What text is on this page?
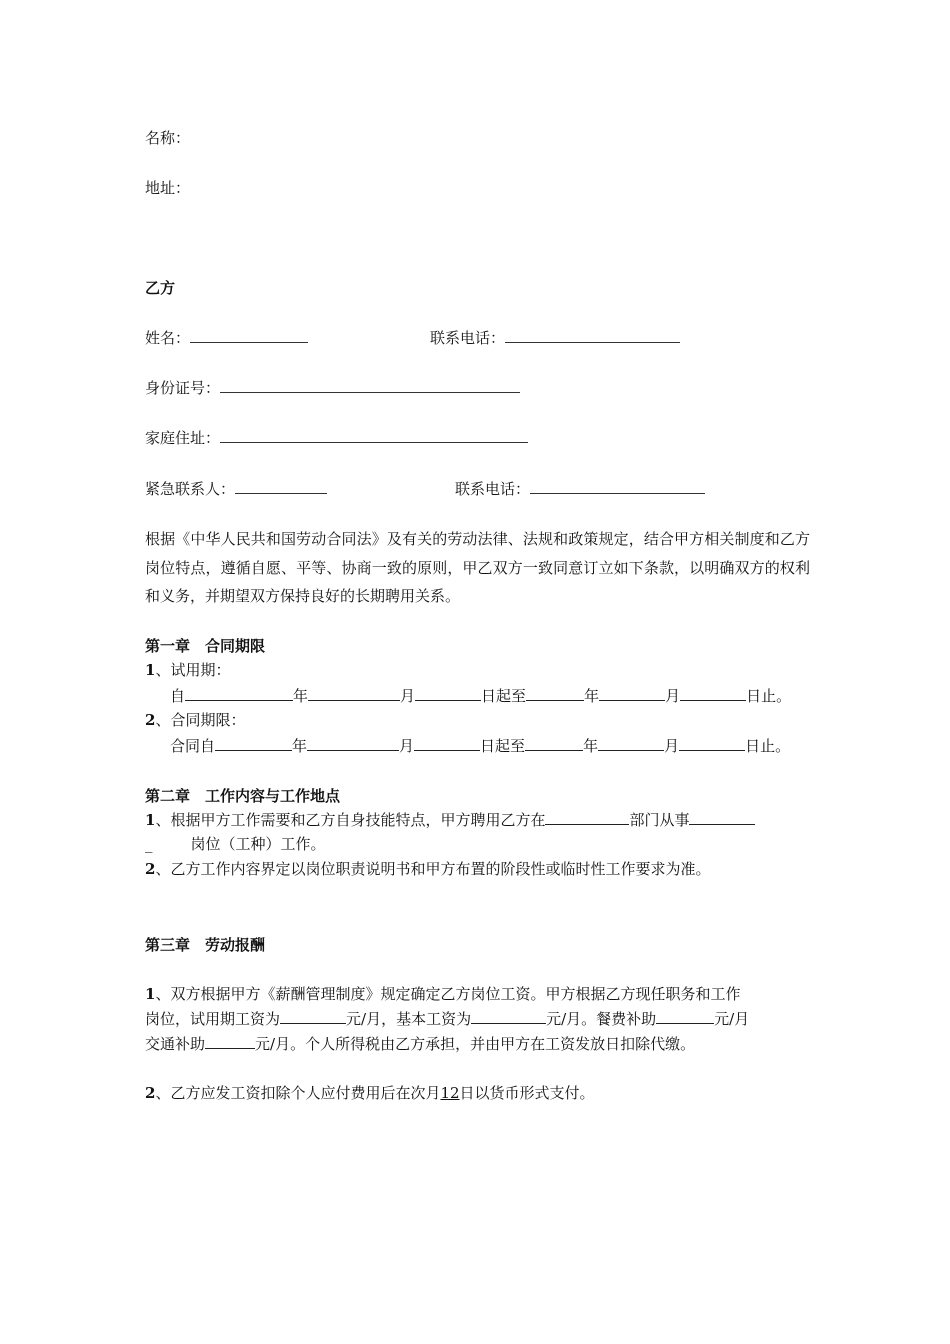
名称：
地址：
乙方
姓名：	联系电话：
身份证号：
家庭住址：
紧急联系人：	联系电话：
根据《中华人民共和国劳动合同法》及有关的劳动法律、法规和政策规定，结合甲方相关制度和乙方岗位特点，遵循自愿、平等、协商一致的原则，甲乙双方一致同意订立如下条款，以明确双方的权利和义务，并期望双方保持良好的长期聘用关系。
第一章　合同期限
1、试用期：
自	年	月	日起至	年	月	日止。
2、合同期限：
合同自	年	月	日起至	年	月	日止。
第二章　工作内容与工作地点
1、根据甲方工作需要和乙方自身技能特点，甲方聘用乙方在	部门从事
_	岗位（工种）工作。
2、乙方工作内容界定以岗位职责说明书和甲方布置的阶段性或临时性工作要求为准。
第三章　劳动报酬
1、双方根据甲方《薪酬管理制度》规定确定乙方岗位工资。甲方根据乙方现任职务和工作
岗位，试用期工资为	元/月，基本工资为	元/月。餐费补助	元/月
交通补助	元/月。个人所得税由乙方承担，并由甲方在工资发放日扣除代缴。
2、乙方应发工资扣除个人应付费用后在次月12日以货币形式支付。
